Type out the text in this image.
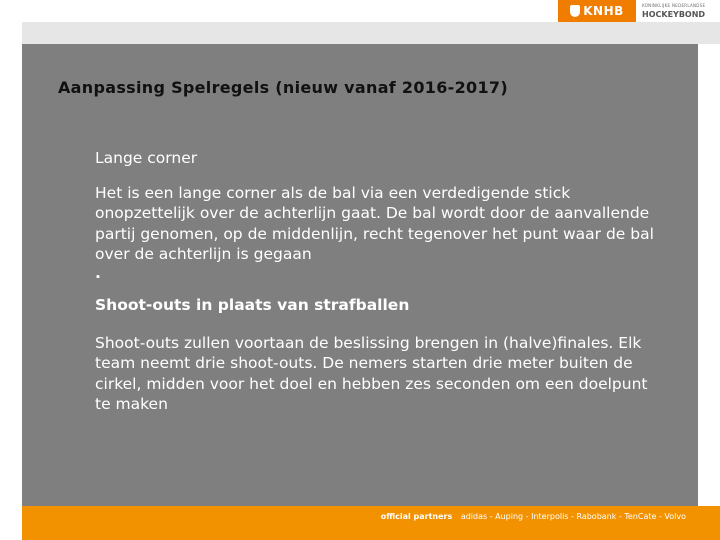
KNHB	KONINKLIJKE NEDERLANDSE
HOCKEYBOND
Aanpassing Spelregels (nieuw vanaf 2016-2017)

Lange corner

Het is een lange corner als de bal via een verdedigende stick onopzettelijk over de achterlijn gaat. De bal wordt door de aanvallende partij genomen, op de middenlijn, recht tegenover het punt waar de bal over de achterlijn is gegaan

.

Shoot-outs in plaats van strafballen

Shoot-outs zullen voortaan de beslissing brengen in (halve)finales. Elk team neemt drie shoot-outs. De nemers starten drie meter buiten de cirkel, midden voor het doel en hebben zes seconden om een doelpunt te maken

official partners adidas - Auping - Interpolis - Rabobank - TenCate - Volvo
